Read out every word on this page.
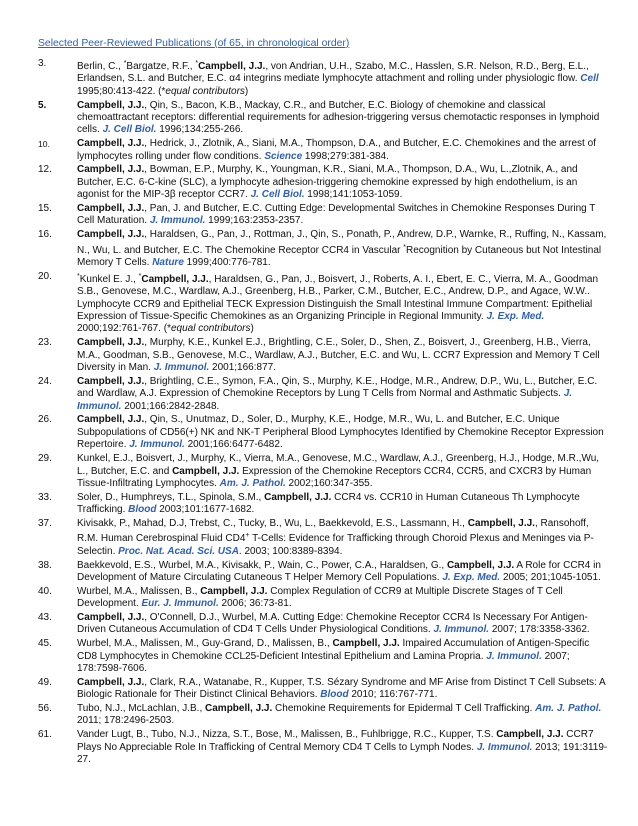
Selected Peer-Reviewed Publications (of 65, in chronological order)
3.	Berlin, C., *Bargatze, R.F., *Campbell, J.J., von Andrian, U.H., Szabo, M.C., Hasslen, S.R. Nelson, R.D., Berg, E.L., Erlandsen, S.L. and Butcher, E.C. α4 integrins mediate lymphocyte attachment and rolling under physiologic flow. Cell 1995;80:413-422. (*equal contributors)
5.	Campbell, J.J., Qin, S., Bacon, K.B., Mackay, C.R., and Butcher, E.C. Biology of chemokine and classical chemoattractant receptors: differential requirements for adhesion-triggering versus chemotactic responses in lymphoid cells. J. Cell Biol. 1996;134:255-266.
10.	Campbell, J.J., Hedrick, J., Zlotnik, A., Siani, M.A., Thompson, D.A., and Butcher, E.C. Chemokines and the arrest of lymphocytes rolling under flow conditions. Science 1998;279:381-384.
12.	Campbell, J.J., Bowman, E.P., Murphy, K., Youngman, K.R., Siani, M.A., Thompson, D.A., Wu, L.,Zlotnik, A., and Butcher, E.C. 6-C-kine (SLC), a lymphocyte adhesion-triggering chemokine expressed by high endothelium, is an agonist for the MIP-3β receptor CCR7. J. Cell Biol. 1998;141:1053-1059.
15.	Campbell, J.J., Pan, J. and Butcher, E.C. Cutting Edge: Developmental Switches in Chemokine Responses During T Cell Maturation. J. Immunol. 1999;163:2353-2357.
16.	Campbell, J.J., Haraldsen, G., Pan, J., Rottman, J., Qin, S., Ponath, P., Andrew, D.P., Warnke, R., Ruffing, N., Kassam, N., Wu, L. and Butcher, E.C. The Chemokine Receptor CCR4 in Vascular *Recognition by Cutaneous but Not Intestinal Memory T Cells. Nature 1999;400:776-781.
20.	*Kunkel E. J., *Campbell, J.J., Haraldsen, G., Pan, J., Boisvert, J., Roberts, A. I., Ebert, E. C., Vierra, M. A., Goodman S.B., Genovese, M.C., Wardlaw, A.J., Greenberg, H.B., Parker, C.M., Butcher, E.C., Andrew, D.P., and Agace, W.W.. Lymphocyte CCR9 and Epithelial TECK Expression Distinguish the Small Intestinal Immune Compartment: Epithelial Expression of Tissue-Specific Chemokines as an Organizing Principle in Regional Immunity. J. Exp. Med. 2000;192:761-767. (*equal contributors)
23.	Campbell, J.J., Murphy, K.E., Kunkel E.J., Brightling, C.E., Soler, D., Shen, Z., Boisvert, J., Greenberg, H.B., Vierra, M.A., Goodman, S.B., Genovese, M.C., Wardlaw, A.J., Butcher, E.C. and Wu, L. CCR7 Expression and Memory T Cell Diversity in Man. J. Immunol. 2001;166:877.
24.	Campbell, J.J., Brightling, C.E., Symon, F.A., Qin, S., Murphy, K.E., Hodge, M.R., Andrew, D.P., Wu, L., Butcher, E.C. and Wardlaw, A.J. Expression of Chemokine Receptors by Lung T Cells from Normal and Asthmatic Subjects. J. Immunol. 2001;166:2842-2848.
26.	Campbell, J.J., Qin, S., Unutmaz, D., Soler, D., Murphy, K.E., Hodge, M.R., Wu, L. and Butcher, E.C. Unique Subpopulations of CD56(+) NK and NK-T Peripheral Blood Lymphocytes Identified by Chemokine Receptor Expression Repertoire. J. Immunol. 2001;166:6477-6482.
29.	Kunkel, E.J., Boisvert, J., Murphy, K., Vierra, M.A., Genovese, M.C., Wardlaw, A.J., Greenberg, H.J., Hodge, M.R.,Wu, L., Butcher, E.C. and Campbell, J.J. Expression of the Chemokine Receptors CCR4, CCR5, and CXCR3 by Human Tissue-Infiltrating Lymphocytes. Am. J. Pathol. 2002;160:347-355.
33.	Soler, D., Humphreys, T.L., Spinola, S.M., Campbell, J.J. CCR4 vs. CCR10 in Human Cutaneous Th Lymphocyte Trafficking. Blood 2003;101:1677-1682.
37.	Kivisakk, P., Mahad, D.J, Trebst, C., Tucky, B., Wu, L., Baekkevold, E.S., Lassmann, H., Campbell, J.J., Ransohoff, R.M. Human Cerebrospinal Fluid CD4+ T-Cells: Evidence for Trafficking through Choroid Plexus and Meninges via P-Selectin. Proc. Nat. Acad. Sci. USA. 2003; 100:8389-8394.
38.	Baekkevold, E.S., Wurbel, M.A., Kivisakk, P., Wain, C., Power, C.A., Haraldsen, G., Campbell, J.J. A Role for CCR4 in Development of Mature Circulating Cutaneous T Helper Memory Cell Populations. J. Exp. Med. 2005; 201;1045-1051.
40.	Wurbel, M.A., Malissen, B., Campbell, J.J. Complex Regulation of CCR9 at Multiple Discrete Stages of T Cell Development. Eur. J. Immunol. 2006; 36:73-81.
43.	Campbell, J.J., O'Connell, D.J., Wurbel, M.A. Cutting Edge: Chemokine Receptor CCR4 Is Necessary For Antigen-Driven Cutaneous Accumulation of CD4 T Cells Under Physiological Conditions. J. Immunol. 2007; 178:3358-3362.
45.	Wurbel, M.A., Malissen, M., Guy-Grand, D., Malissen, B., Campbell, J.J. Impaired Accumulation of Antigen-Specific CD8 Lymphocytes in Chemokine CCL25-Deficient Intestinal Epithelium and Lamina Propria. J. Immunol. 2007; 178:7598-7606.
49.	Campbell, J.J., Clark, R.A., Watanabe, R., Kupper, T.S. Sézary Syndrome and MF Arise from Distinct T Cell Subsets: A Biologic Rationale for Their Distinct Clinical Behaviors. Blood 2010; 116:767-771.
56.	Tubo, N.J., McLachlan, J.B., Campbell, J.J. Chemokine Requirements for Epidermal T Cell Trafficking. Am. J. Pathol. 2011; 178:2496-2503.
61.	Vander Lugt, B., Tubo, N.J., Nizza, S.T., Bose, M., Malissen, B., Fuhlbrigge, R.C., Kupper, T.S. Campbell, J.J. CCR7 Plays No Appreciable Role In Trafficking of Central Memory CD4 T Cells to Lymph Nodes. J. Immunol. 2013; 191:3119-27.
